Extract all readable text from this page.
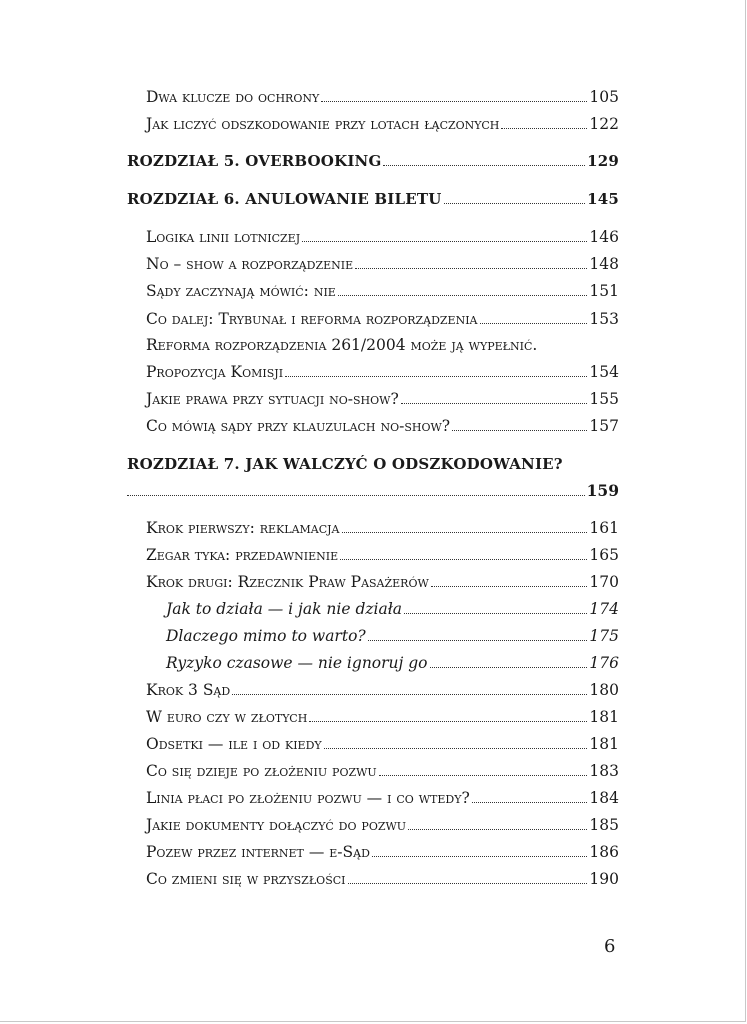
Dwa klucze do ochrony	105
Jak liczyć odszkodowanie przy lotach łączonych	122
ROZDZIAŁ 5. OVERBOOKING	129
ROZDZIAŁ 6. ANULOWANIE BILETU	145
Logika linii lotniczej	146
No – show a rozporządzenie	148
Sądy zaczynają mówić: nie	151
Co dalej: Trybunał i reforma rozporządzenia	153
Reforma rozporządzenia 261/2004 może ją wypełnić.
Propozycja Komisji	154
Jakie prawa przy sytuacji no-show?	155
Co mówią sądy przy klauzulach no-show?	157
ROZDZIAŁ 7. JAK WALCZYĆ O ODSZKODOWANIE?
159
Krok pierwszy: reklamacja	161
Zegar tyka: przedawnienie	165
Krok drugi: Rzecznik Praw Pasażerów	170
Jak to działa — i jak nie działa	174
Dlaczego mimo to warto?	175
Ryzyko czasowe — nie ignoruj go	176
Krok 3 Sąd	180
W euro czy w złotych	181
Odsetki — ile i od kiedy	181
Co się dzieje po złożeniu pozwu	183
Linia płaci po złożeniu pozwu — i co wtedy?	184
Jakie dokumenty dołączyć do pozwu	185
Pozew przez internet — e-Sąd	186
Co zmieni się w przyszłości	190
6
